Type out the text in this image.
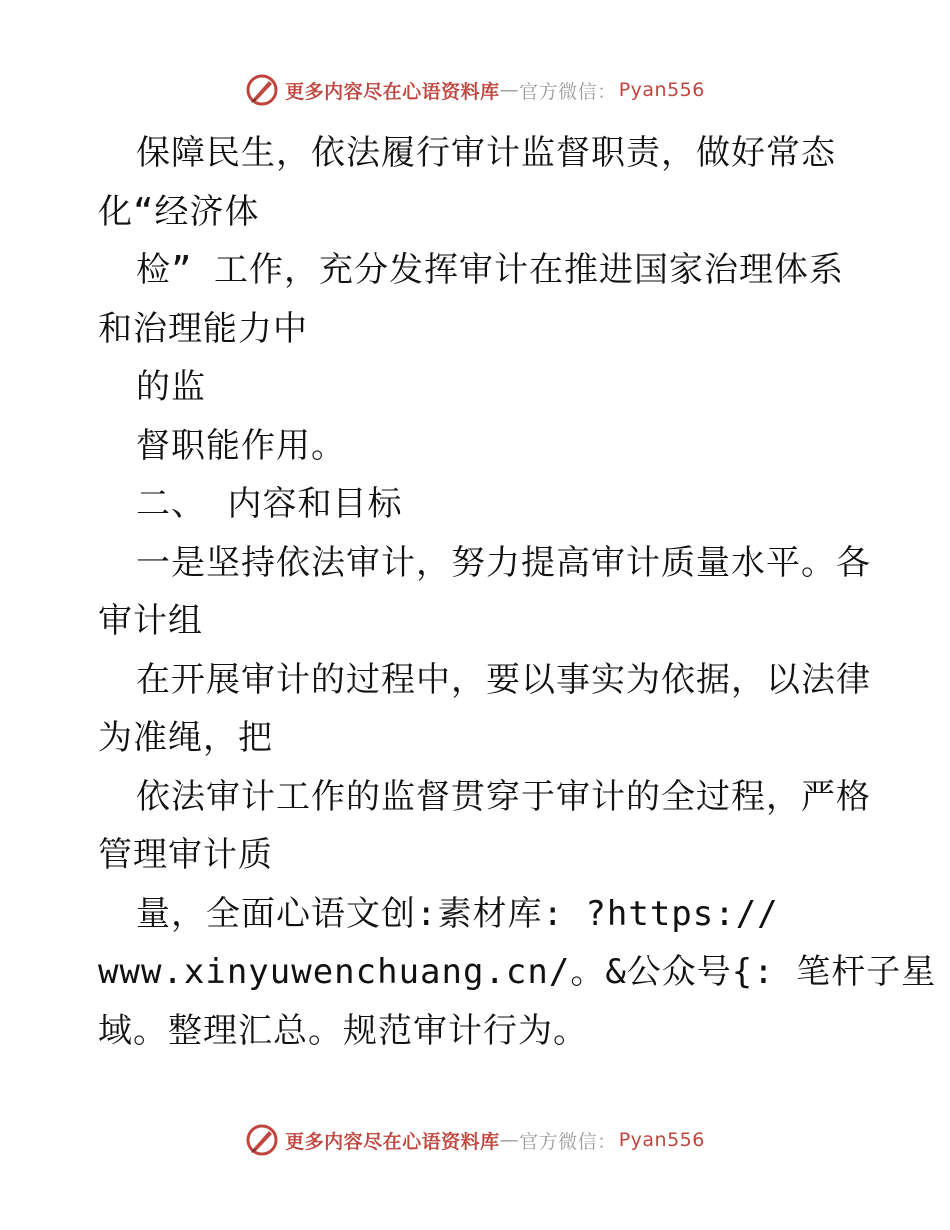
更多内容尽在心语资料库 — 官方微信： Pyan556
保障民生，依法履行审计监督职责，做好常态
化“经济体
检” 工作，充分发挥审计在推进国家治理体系
和治理能力中
的监
督职能作用。
二、 内容和目标
一是坚持依法审计，努力提高审计质量水平。各
审计组
在开展审计的过程中，要以事实为依据，以法律
为准绳，把
依法审计工作的监督贯穿于审计的全过程，严格
管理审计质
量，全面心语文创:素材库: ?https://
www.xinyuwenchuang.cn/。&公众号{: 笔杆子星
域。整理汇总。规范审计行为。
更多内容尽在心语资料库 — 官方微信： Pyan556
